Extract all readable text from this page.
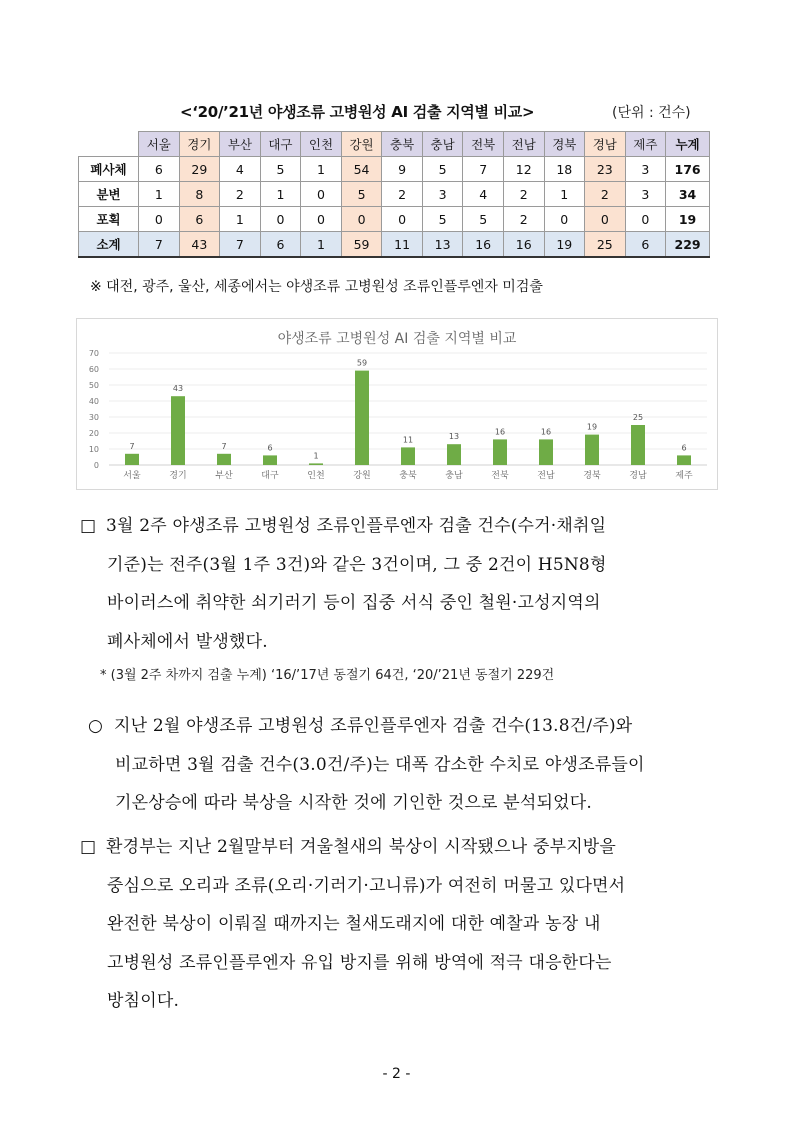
<‘20/’21년 야생조류 고병원성 AI 검출 지역별 비교>	(단위 : 건수)
	서울	경기	부산	대구	인천	강원	충북	충남	전북	전남	경북	경남	제주	누계
폐사체	6	29	4	5	1	54	9	5	7	12	18	23	3	176
분변	1	8	2	1	0	5	2	3	4	2	1	2	3	34
포획	0	6	1	0	0	0	0	5	5	2	0	0	0	19
소계	7	43	7	6	1	59	11	13	16	16	19	25	6	229
※ 대전, 광주, 울산, 세종에서는 야생조류 고병원성 조류인플루엔자 미검출
야생조류 고병원성 AI 검출 지역별 비교
0
10
20
30
40
50
60
70
7
서울
43
경기
7
부산
6
대구
1
인천
59
강원
11
충북
13
충남
16
전북
16
전남
19
경북
25
경남
6
제주
□ 3월 2주 야생조류 고병원성 조류인플루엔자 검출 건수(수거·채취일
기준)는 전주(3월 1주 3건)와 같은 3건이며, 그 중 2건이 H5N8형
바이러스에 취약한 쇠기러기 등이 집중 서식 중인 철원·고성지역의
폐사체에서 발생했다.
* (3월 2주 차까지 검출 누계) ‘16/’17년 동절기 64건, ‘20/’21년 동절기 229건
○ 지난 2월 야생조류 고병원성 조류인플루엔자 검출 건수(13.8건/주)와
비교하면 3월 검출 건수(3.0건/주)는 대폭 감소한 수치로 야생조류들이
기온상승에 따라 북상을 시작한 것에 기인한 것으로 분석되었다.
□ 환경부는 지난 2월말부터 겨울철새의 북상이 시작됐으나 중부지방을
중심으로 오리과 조류(오리·기러기·고니류)가 여전히 머물고 있다면서
완전한 북상이 이뤄질 때까지는 철새도래지에 대한 예찰과 농장 내
고병원성 조류인플루엔자 유입 방지를 위해 방역에 적극 대응한다는
방침이다.
- 2 -
